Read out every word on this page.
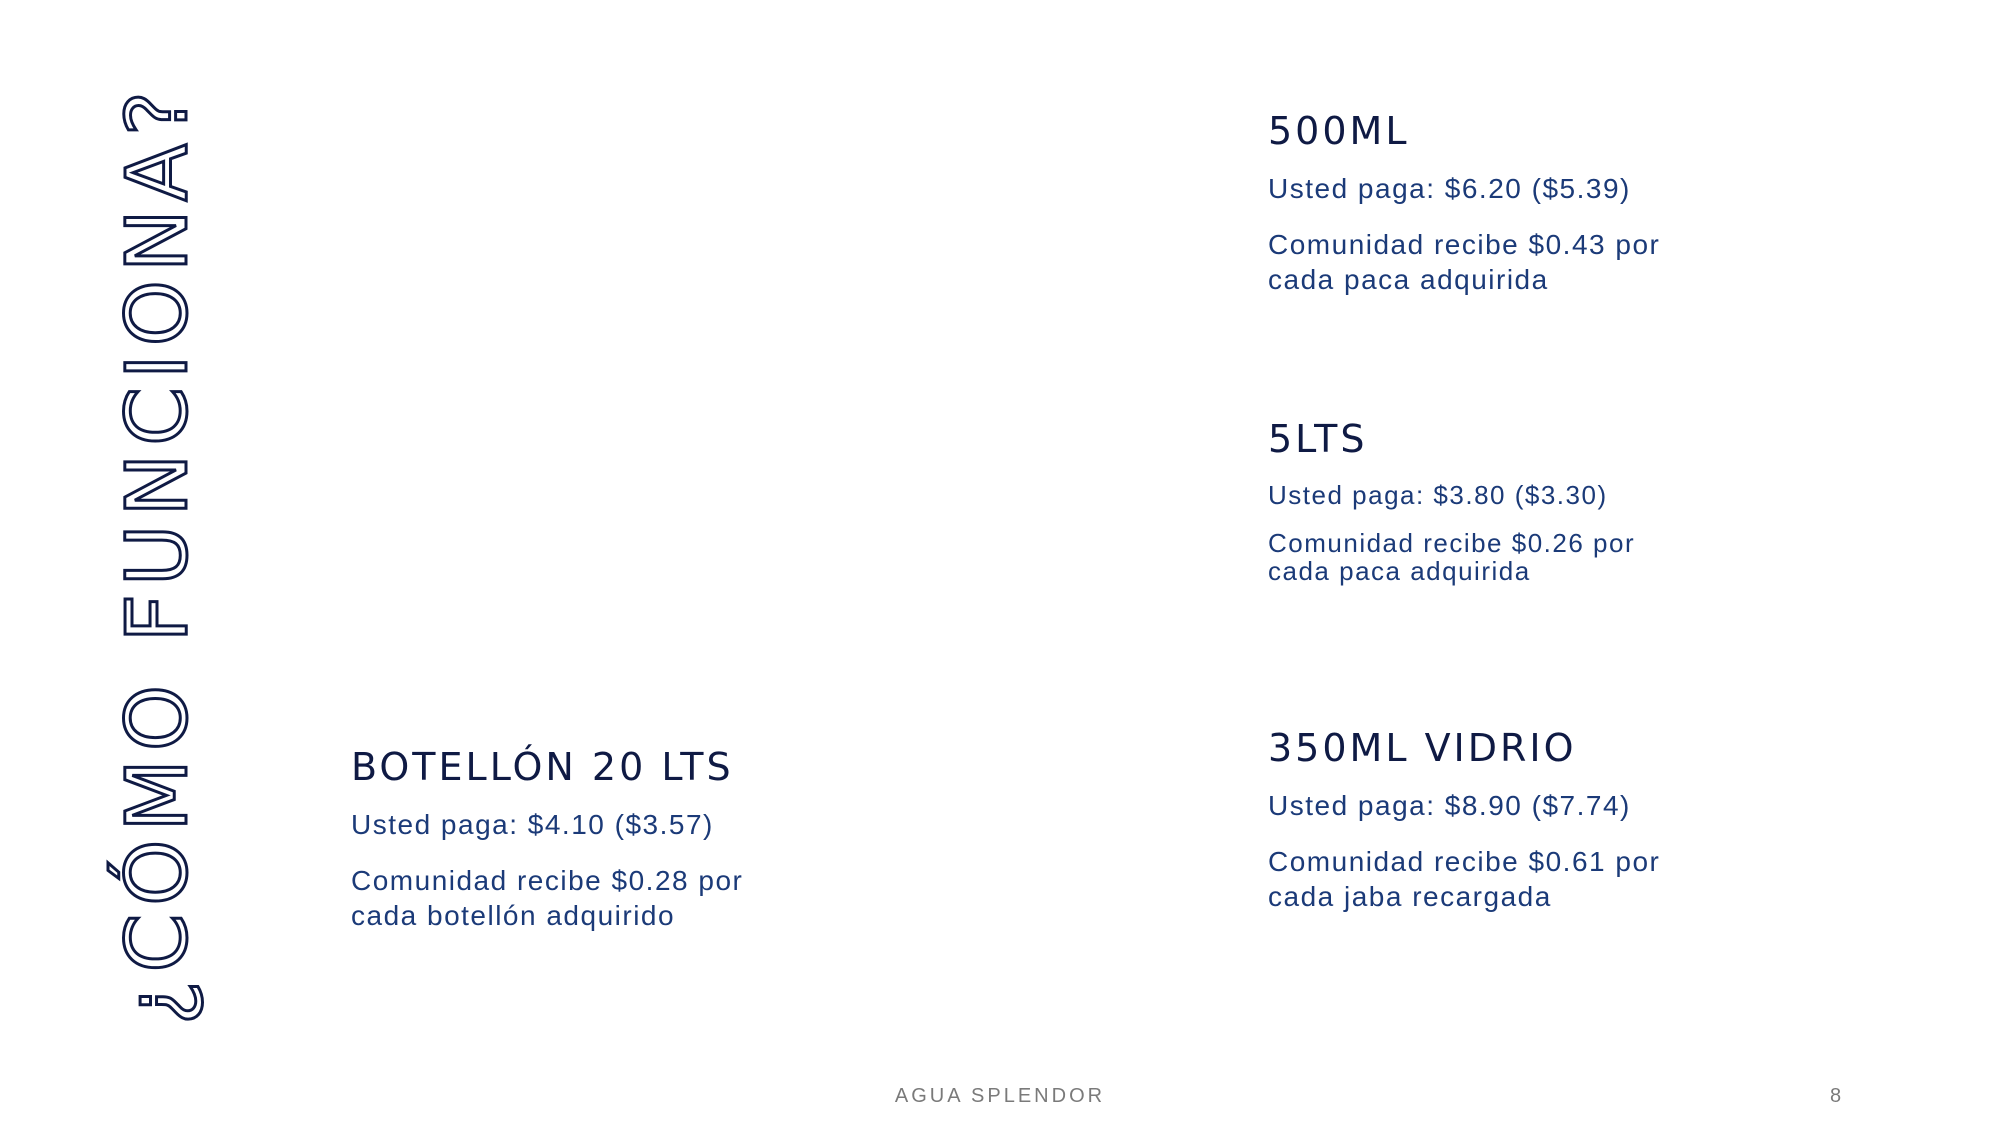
¿CÓMO FUNCIONA?	500ML

Usted paga: $6.20 ($5.39)

Comunidad recibe $0.43 por
cada paca adquirida

5LTS

Usted paga: $3.80 ($3.30)

Comunidad recibe $0.26 por
cada paca adquirida

350ML VIDRIO

Usted paga: $8.90 ($7.74)

Comunidad recibe $0.61 por
cada jaba recargada

BOTELLÓN 20 LTS

Usted paga: $4.10 ($3.57)

Comunidad recibe $0.28 por
cada botellón adquirido

AGUA SPLENDOR	8
